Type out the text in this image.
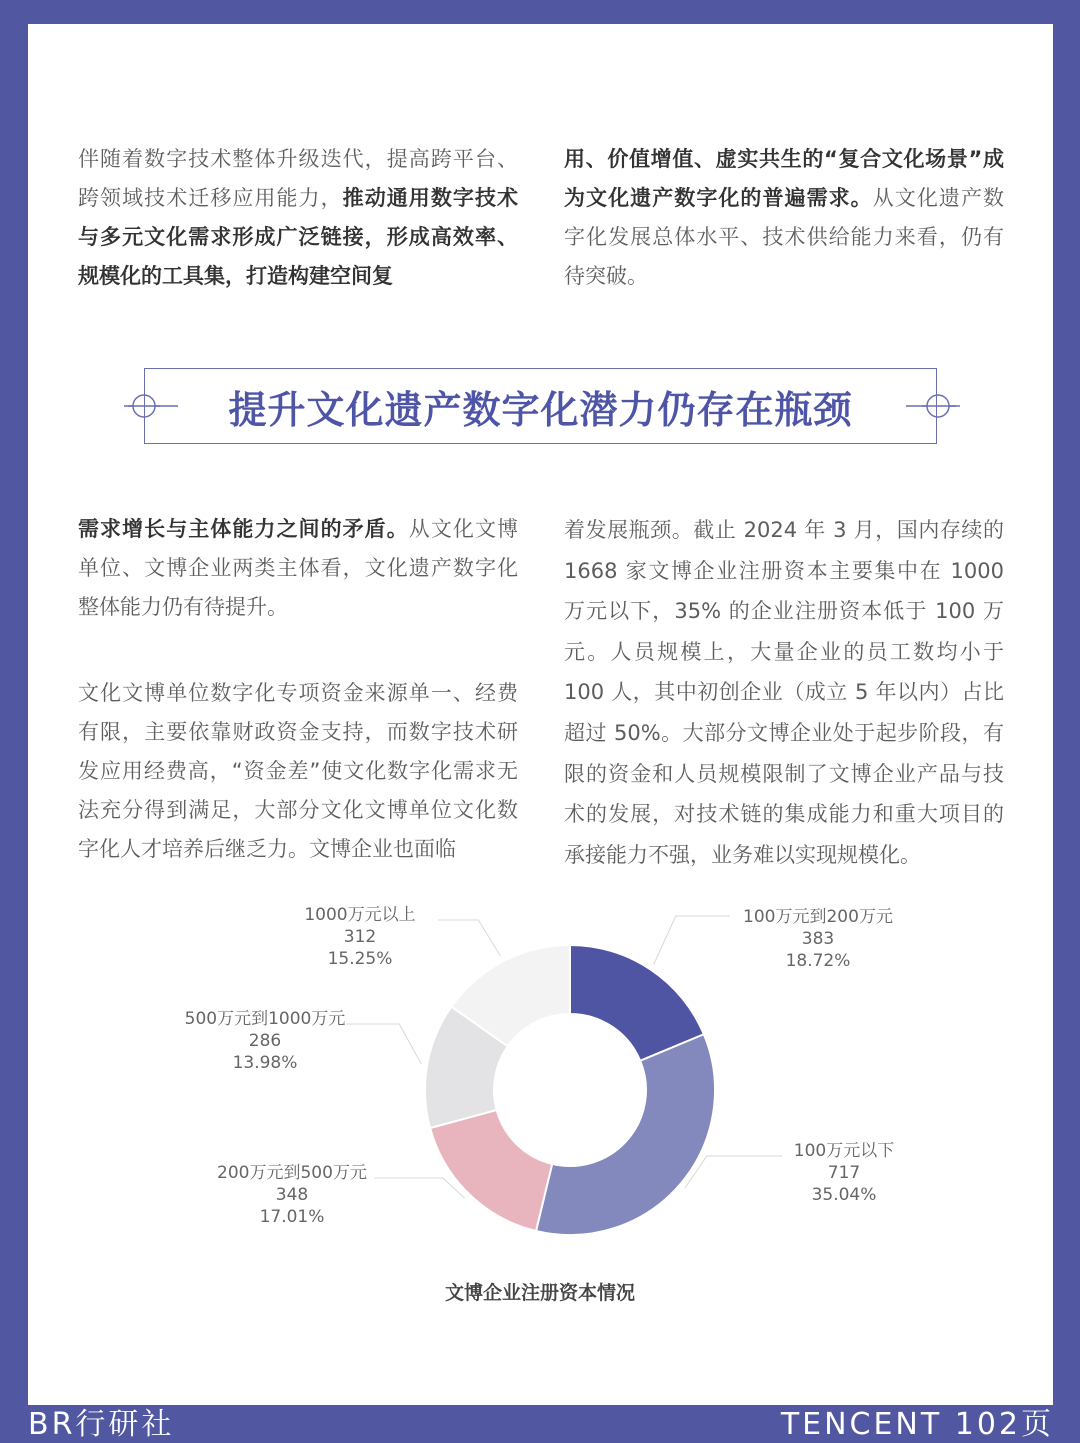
伴随着数字技术整体升级迭代，提高跨平台、跨领域技术迁移应用能力，推动通用数字技术与多元文化需求形成广泛链接，形成高效率、规模化的工具集，打造构建空间复
用、价值增值、虚实共生的“复合文化场景”成为文化遗产数字化的普遍需求。从文化遗产数字化发展总体水平、技术供给能力来看，仍有待突破。
提升文化遗产数字化潜力仍存在瓶颈
需求增长与主体能力之间的矛盾。从文化文博单位、文博企业两类主体看，文化遗产数字化整体能力仍有待提升。
文化文博单位数字化专项资金来源单一、经费有限，主要依靠财政资金支持，而数字技术研发应用经费高，“资金差”使文化数字化需求无法充分得到满足，大部分文化文博单位文化数字化人才培养后继乏力。文博企业也面临
着发展瓶颈。截止 2024 年 3 月，国内存续的 1668 家文博企业注册资本主要集中在 1000 万元以下，35% 的企业注册资本低于 100 万元。人员规模上，大量企业的员工数均小于 100 人，其中初创企业（成立 5 年以内）占比超过 50%。大部分文博企业处于起步阶段，有限的资金和人员规模限制了文博企业产品与技术的发展，对技术链的集成能力和重大项目的承接能力不强，业务难以实现规模化。
100万元到200万元
383
18.72%
100万元以下
717
35.04%
200万元到500万元
348
17.01%
500万元到1000万元
286
13.98%
1000万元以上
312
15.25%
文博企业注册资本情况
BR行研社	TENCENT 102页
